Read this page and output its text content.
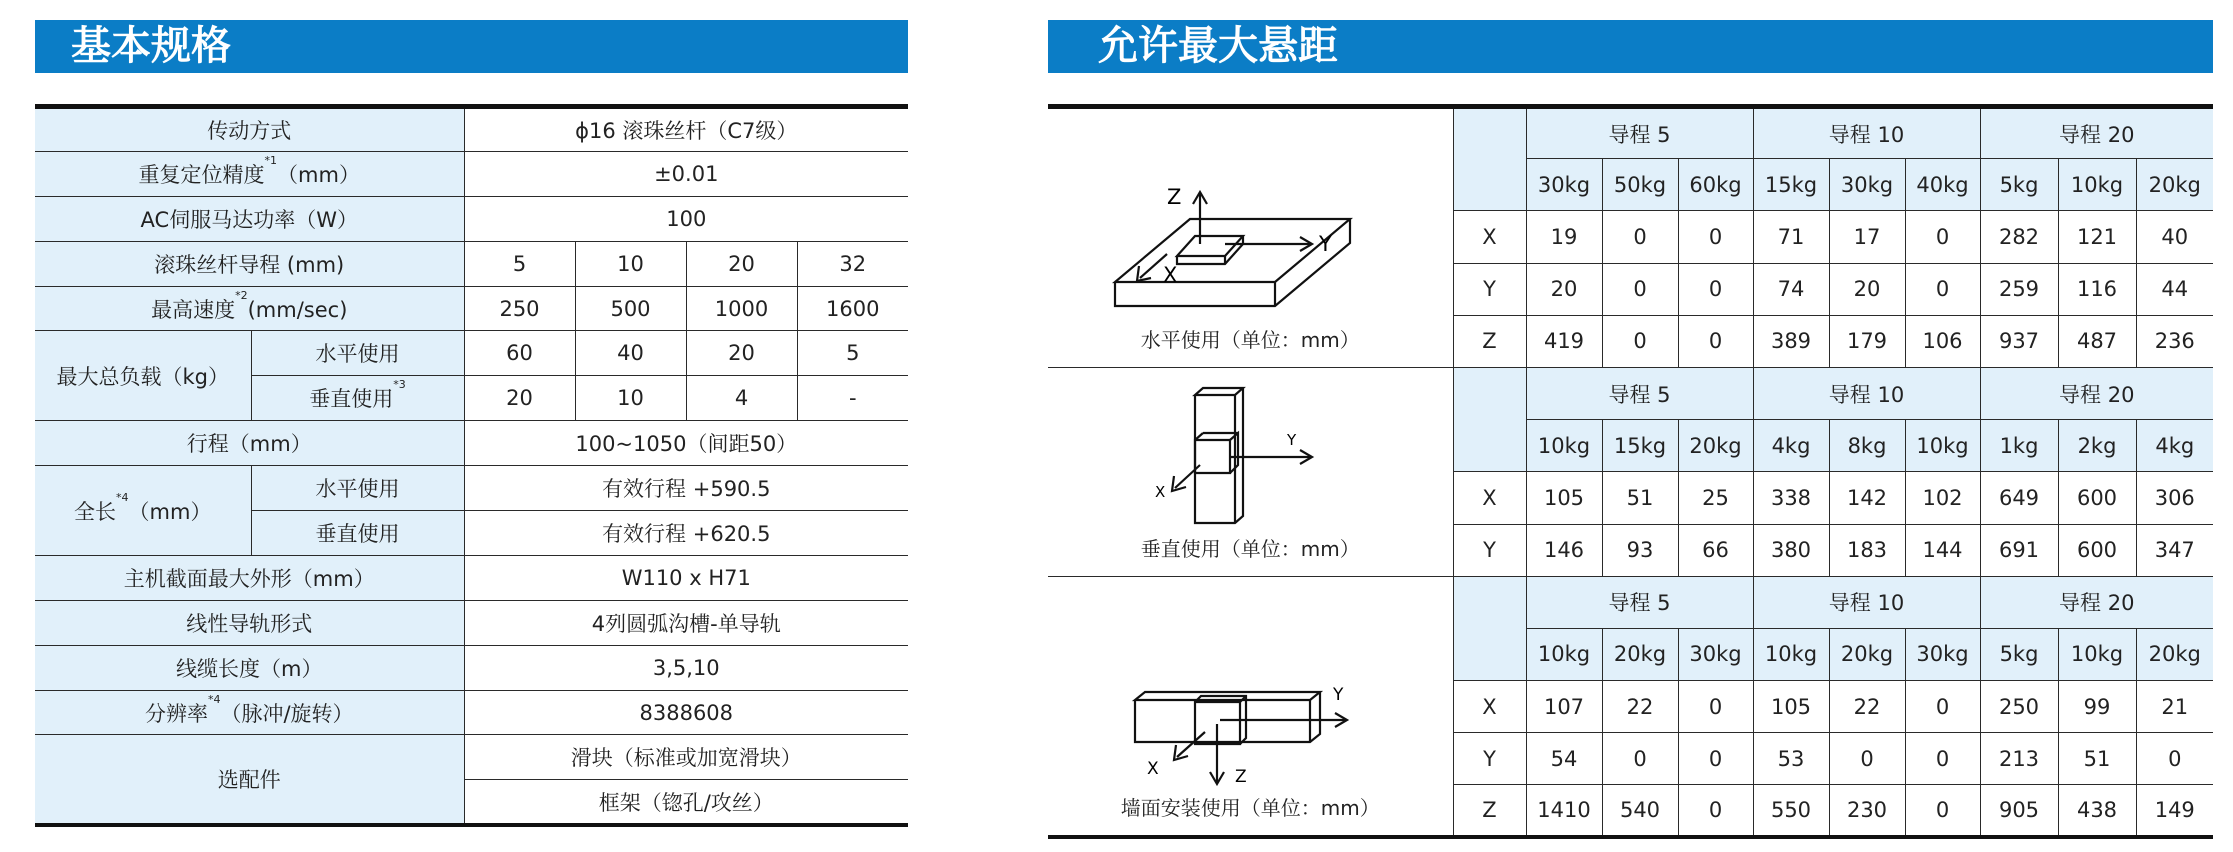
基本规格	允许最大悬距
传动方式		ϕ16 滚珠丝杆（C7级）			
重复定位精度$^{*1}$（mm）		±0.01			
AC伺服马达功率（W）		100			
滚珠丝杆导程 (mm)		5	10	20	32
最高速度$^{*2}$(mm/sec)		250	500	1000	1600
最大总负载（kg）	水平使用	60	40	20	5
	垂直使用$^{*3}$	20	10	4	-
行程（mm）		100~1050（间距50）			
全长$^{*4}$（mm）	水平使用	有效行程 +590.5			
	垂直使用	有效行程 +620.5			
主机截面最大外形（mm）		W110 x H71			
线性导轨形式		4列圆弧沟槽-单导轨			
线缆长度（m）		3,5,10			
分辨率$^{*4}$（脉冲/旋转）		8388608			
选配件		滑块（标准或加宽滑块）			
		框架（锪孔/攻丝）			
Z
Y
X
水平使用（单位：mm）		导程 5			导程 10			导程 20		
		30kg	50kg	60kg	15kg	30kg	40kg	5kg	10kg	20kg
	X	19	0	0	71	17	0	282	121	40
	Y	20	0	0	74	20	0	259	116	44
	Z	419	0	0	389	179	106	937	487	236

Y
X
垂直使用（单位：mm）		导程 5			导程 10			导程 20		
		10kg	15kg	20kg	4kg	8kg	10kg	1kg	2kg	4kg
	X	105	51	25	338	142	102	649	600	306
	Y	146	93	66	380	183	144	691	600	347

Y
X Z
墙面安装使用（单位：mm）		导程 5			导程 10			导程 20		
		10kg	20kg	30kg	10kg	20kg	30kg	5kg	10kg	20kg
	X	107	22	0	105	22	0	250	99	21
	Y	54	0	0	53	0	0	213	51	0
	Z	1410	540	0	550	230	0	905	438	149
